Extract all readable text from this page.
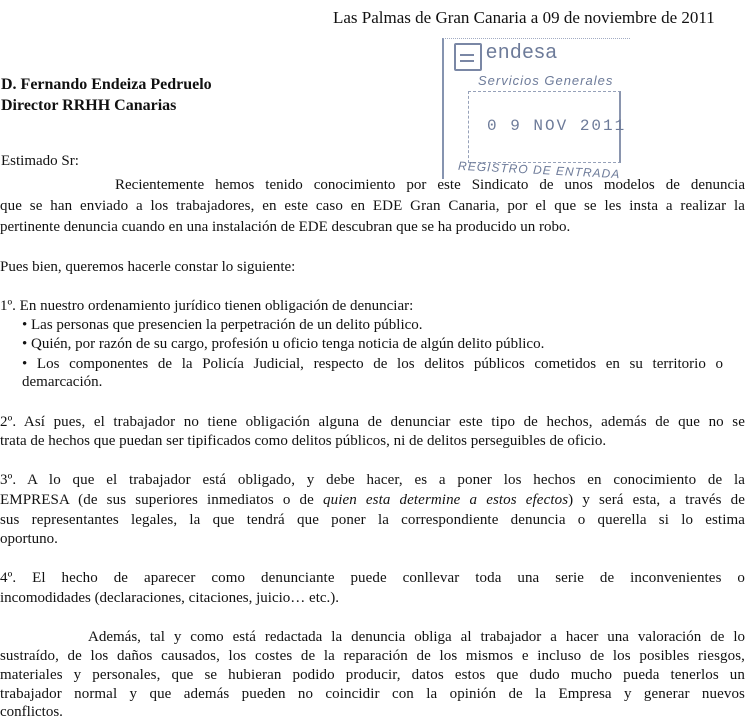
Las Palmas de Gran Canaria a 09 de noviembre de 2011
D. Fernando Endeiza Pedruelo
Director RRHH Canarias
endesa
Servicios Generales
0 9 NOV 2011
REGISTRO DE ENTRADA
Estimado Sr:
Recientemente hemos tenido conocimiento por este Sindicato de unos modelos de denuncia
que se han enviado a los trabajadores, en este caso en EDE Gran Canaria, por el que se les insta a realizar la
pertinente denuncia cuando en una instalación de EDE descubran que se ha producido un robo.
Pues bien, queremos hacerle constar lo siguiente:
1º. En nuestro ordenamiento jurídico tienen obligación de denunciar:
• Las personas que presencien la perpetración de un delito público.
• Quién, por razón de su cargo, profesión u oficio tenga noticia de algún delito público.
• Los componentes de la Policía Judicial, respecto de los delitos públicos cometidos en su territorio o
demarcación.
2º. Así pues, el trabajador no tiene obligación alguna de denunciar este tipo de hechos, además de que no se
trata de hechos que puedan ser tipificados como delitos públicos, ni de delitos perseguibles de oficio.
3º. A lo que el trabajador está obligado, y debe hacer, es a poner los hechos en conocimiento de la
EMPRESA (de sus superiores inmediatos o de quien esta determine a estos efectos) y será esta, a través de
sus representantes legales, la que tendrá que poner la correspondiente denuncia o querella si lo estima
oportuno.
4º. El hecho de aparecer como denunciante puede conllevar toda una serie de inconvenientes o
incomodidades (declaraciones, citaciones, juicio… etc.).
Además, tal y como está redactada la denuncia obliga al trabajador a hacer una valoración de lo
sustraído, de los daños causados, los costes de la reparación de los mismos e incluso de los posibles riesgos,
materiales y personales, que se hubieran podido producir, datos estos que dudo mucho pueda tenerlos un
trabajador normal y que además pueden no coincidir con la opinión de la Empresa y generar nuevos
conflictos.
